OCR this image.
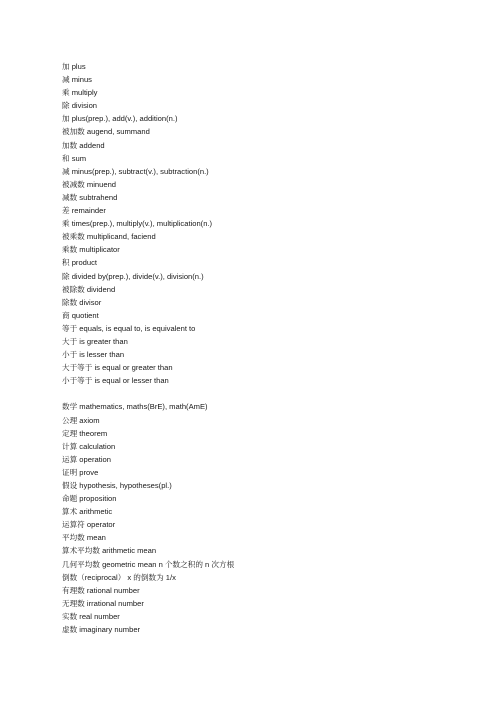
加 plus
减 minus
乘 multiply
除 division
加 plus(prep.), add(v.), addition(n.)
被加数 augend, summand
加数 addend
和 sum
减 minus(prep.), subtract(v.), subtraction(n.)
被减数 minuend
减数 subtrahend
差 remainder
乘 times(prep.), multiply(v.), multiplication(n.)
被乘数 multiplicand, faciend
乘数 multiplicator
积 product
除 divided by(prep.), divide(v.), division(n.)
被除数 dividend
除数 divisor
商 quotient
等于 equals, is equal to, is equivalent to
大于 is greater than
小于 is lesser than
大于等于 is equal or greater than
小于等于 is equal or lesser than
数学 mathematics, maths(BrE), math(AmE)
公理 axiom
定理 theorem
计算 calculation
运算 operation
证明 prove
假设 hypothesis, hypotheses(pl.)
命题 proposition
算术 arithmetic
运算符 operator
平均数 mean
算术平均数 arithmetic mean
几何平均数 geometric mean n 个数之积的 n 次方根
倒数（reciprocal） x 的倒数为 1/x
有理数 rational number
无理数 irrational number
实数 real number
虚数 imaginary number
